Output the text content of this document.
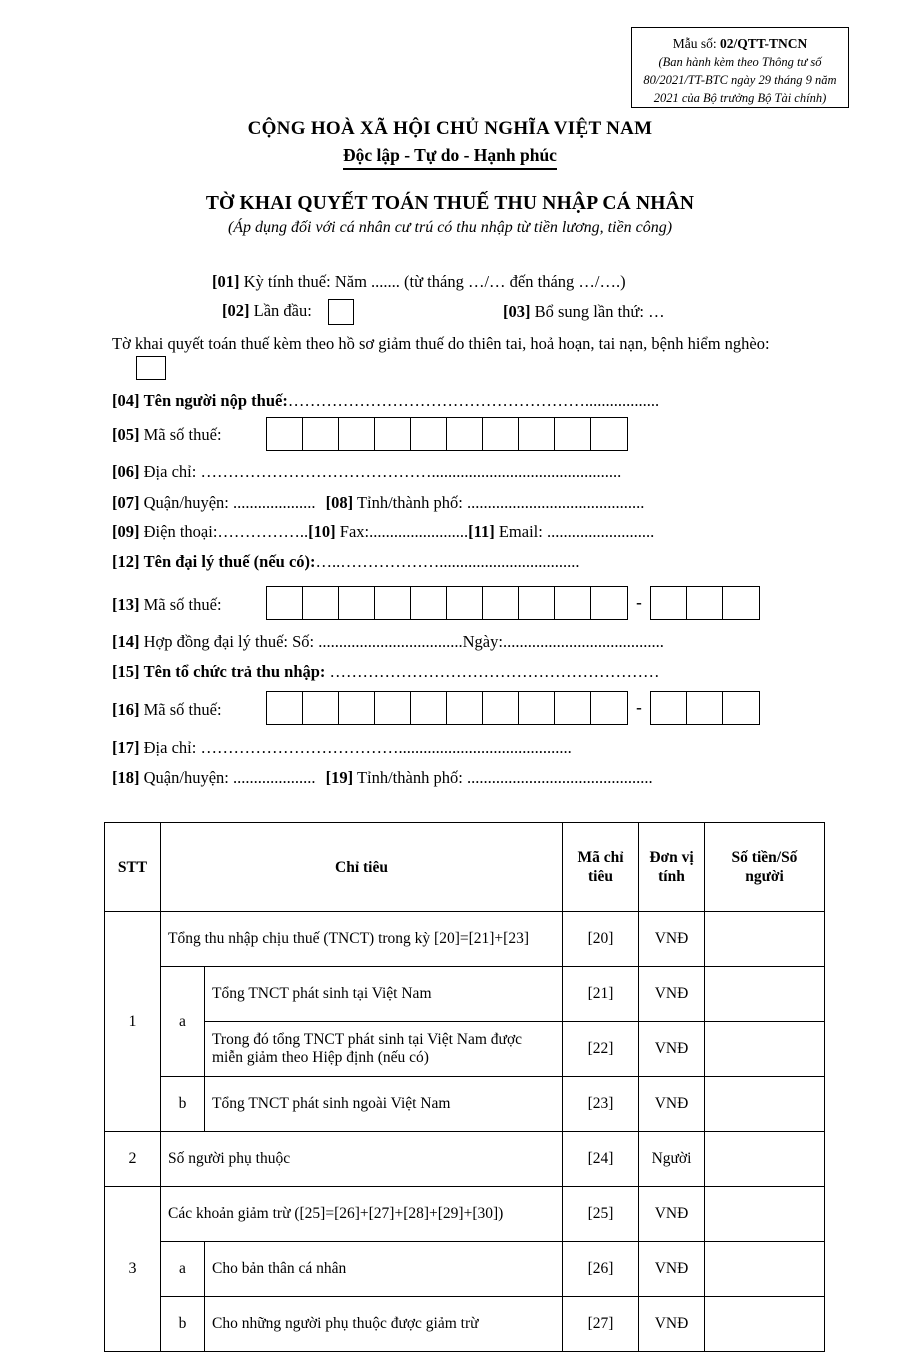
Mẫu số: 02/QTT-TNCN
(Ban hành kèm theo Thông tư số
80/2021/TT-BTC ngày 29 tháng 9 năm
2021 của Bộ trưởng Bộ Tài chính)
CỘNG HOÀ XÃ HỘI CHỦ NGHĨA VIỆT NAM
Độc lập - Tự do - Hạnh phúc
TỜ KHAI QUYẾT TOÁN THUẾ THU NHẬP CÁ NHÂN
(Áp dụng đối với cá nhân cư trú có thu nhập từ tiền lương, tiền công)
[01] Kỳ tính thuế: Năm ....... (từ tháng …/… đến tháng …/….)
[02] Lần đầu:	[03] Bổ sung lần thứ: …
Tờ khai quyết toán thuế kèm theo hồ sơ giảm thuế do thiên tai, hoả hoạn, tai nạn, bệnh hiểm nghèo:
[04] Tên người nộp thuế:………………………………………………..................
[05] Mã số thuế:
[06] Địa chỉ: ……………………………………..............................................
[07] Quận/huyện: .................... [08] Tỉnh/thành phố: ...........................................
[09] Điện thoại:……………..[10] Fax:........................[11] Email: ..........................
[12] Tên đại lý thuế (nếu có):…..………………..................................
[13] Mã số thuế:	-
[14] Hợp đồng đại lý thuế: Số: ...................................Ngày:.......................................
[15] Tên tổ chức trả thu nhập: ……………………………………………………
[16] Mã số thuế:	-
[17] Địa chỉ: ………………………………..........................................
[18] Quận/huyện: .................... [19] Tỉnh/thành phố: .............................................
STT	Chỉ tiêu		Mã chỉ tiêu	Đơn vị tính	Số tiền/Số người
1	Tổng thu nhập chịu thuế (TNCT) trong kỳ [20]=[21]+[23]		[20]	VNĐ	
	a	Tổng TNCT phát sinh tại Việt Nam	[21]	VNĐ	
		Trong đó tổng TNCT phát sinh tại Việt Nam được miễn giảm theo Hiệp định (nếu có)	[22]	VNĐ	
	b	Tổng TNCT phát sinh ngoài Việt Nam	[23]	VNĐ	
2	Số người phụ thuộc		[24]	Người	
3	Các khoản giảm trừ ([25]=[26]+[27]+[28]+[29]+[30])		[25]	VNĐ	
	a	Cho bản thân cá nhân	[26]	VNĐ	
	b	Cho những người phụ thuộc được giảm trừ	[27]	VNĐ	
